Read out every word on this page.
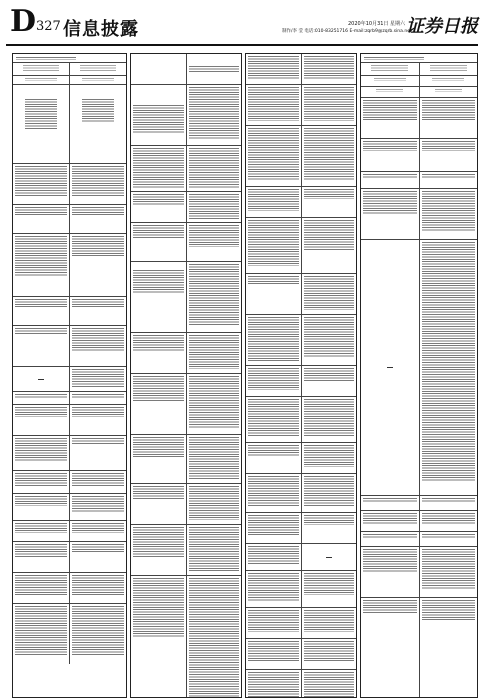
D 327 信息披露	2020年10月31日 星期六
制作/李 莹 电话:010-83251716 E-mail:zqrb9@zqrb.sina.net
证券日报
